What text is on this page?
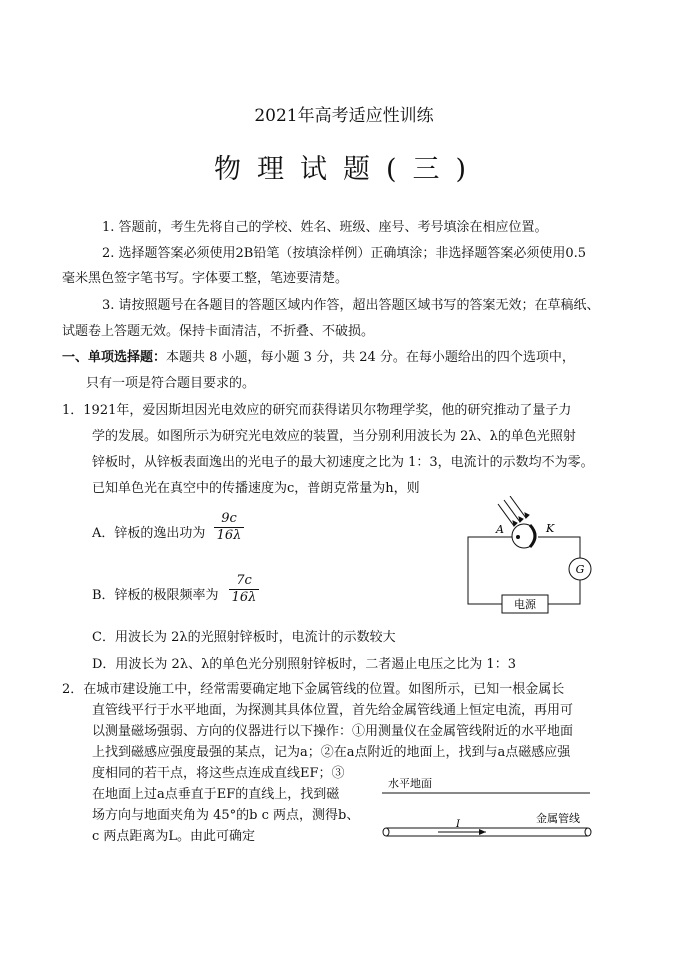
2021年高考适应性训练
物理试题(三)
1. 答题前，考生先将自己的学校、姓名、班级、座号、考号填涂在相应位置。
2. 选择题答案必须使用2B铅笔（按填涂样例）正确填涂；非选择题答案必须使用0.5
毫米黑色签字笔书写。字体要工整，笔迹要清楚。
3. 请按照题号在各题目的答题区域内作答，超出答题区域书写的答案无效；在草稿纸、
试题卷上答题无效。保持卡面清洁，不折叠、不破损。
一、单项选择题：本题共 8 小题，每小题 3 分，共 24 分。在每小题给出的四个选项中，
只有一项是符合题目要求的。
1．1921年，爱因斯坦因光电效应的研究而获得诺贝尔物理学奖，他的研究推动了量子力
学的发展。如图所示为研究光电效应的装置，当分别利用波长为 2λ、λ的单色光照射
锌板时，从锌板表面逸出的光电子的最大初速度之比为 1：3，电流计的示数均不为零。
已知单色光在真空中的传播速度为c，普朗克常量为h，则
A．锌板的逸出功为 $\frac{9c}{16\lambda}$
B．锌板的极限频率为 $\frac{7c}{16\lambda}$
C．用波长为 2λ的光照射锌板时，电流计的示数较大
D．用波长为 2λ、λ的单色光分别照射锌板时，二者遏止电压之比为 1：3
A	K
G
电源
2．在城市建设施工中，经常需要确定地下金属管线的位置。如图所示，已知一根金属长
直管线平行于水平地面，为探测其具体位置，首先给金属管线通上恒定电流，再用可
以测量磁场强弱、方向的仪器进行以下操作：①用测量仪在金属管线附近的水平地面
上找到磁感应强度最强的某点，记为a；②在a点附近的地面上，找到与a点磁感应强
度相同的若干点，将这些点连成直线EF；③
在地面上过a点垂直于EF的直线上，找到磁
场方向与地面夹角为 45°的b c 两点，测得b、
c 两点距离为L。由此可确定
水平地面
金属管线
I
